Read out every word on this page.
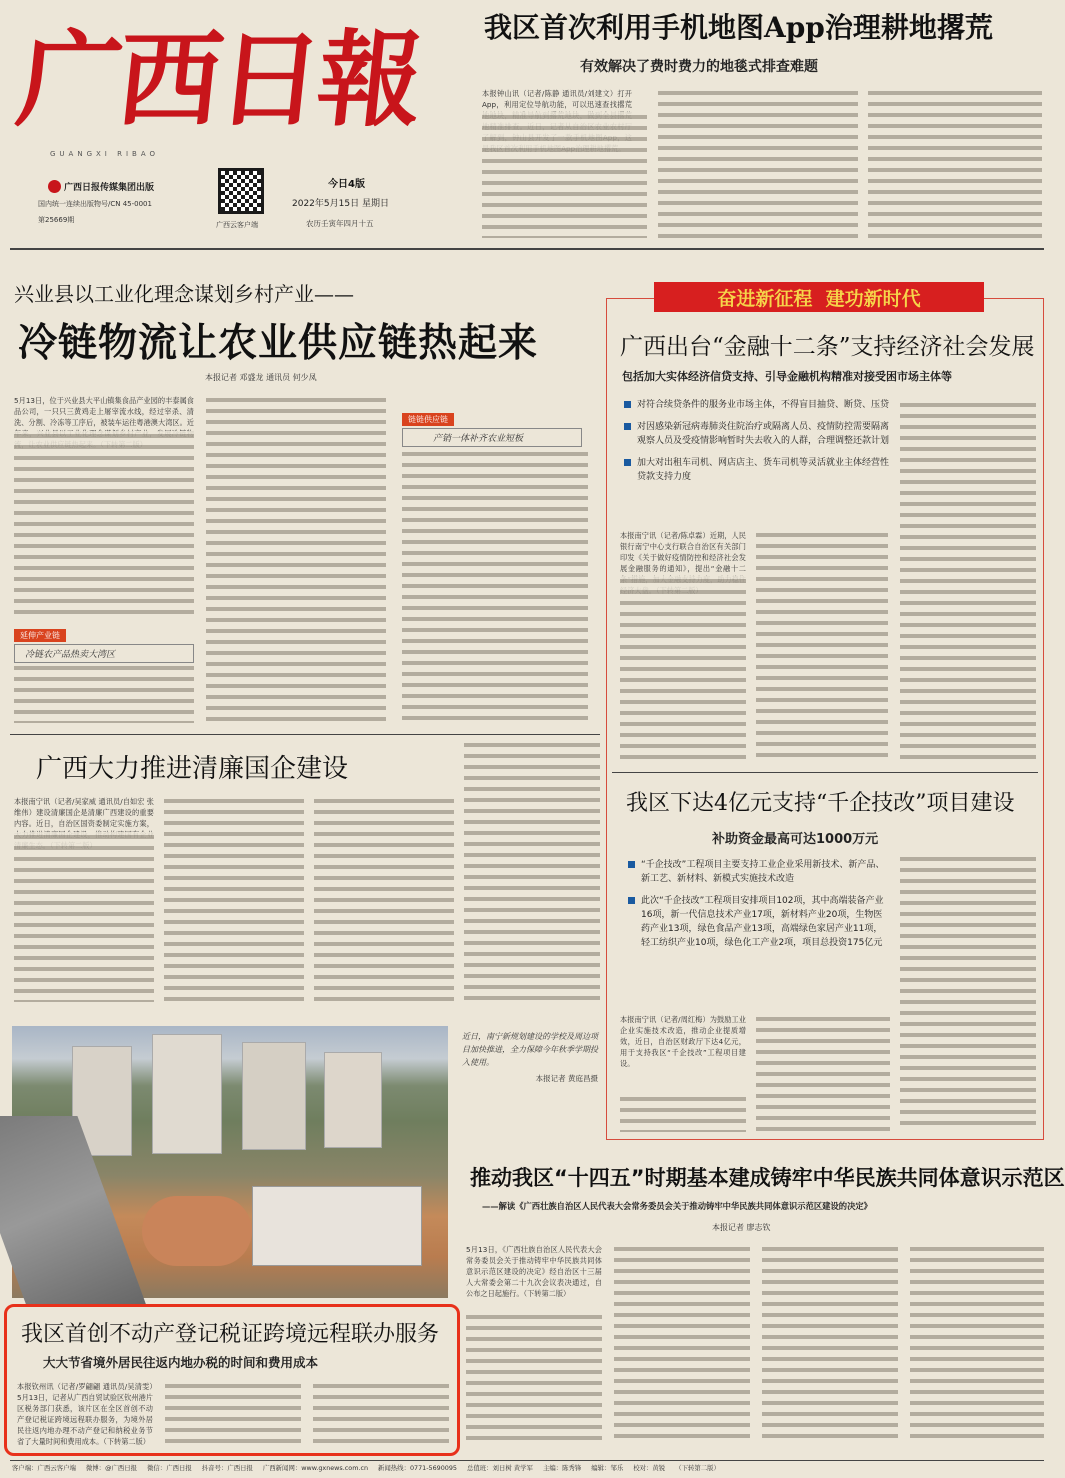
广西日報
GUANGXI RIBAO
广西日报传媒集团出版
国内统一连续出版物号/CN 45-0001
第25669期
广西云客户端
今日4版
2022年5月15日 星期日
农历壬寅年四月十五
我区首次利用手机地图App治理耕地撂荒
有效解决了费时费力的地毯式排查难题
本报钟山讯（记者/陈静 通讯员/刘建文）打开App，利用定位导航功能，可以迅速查找撂荒
兴业县以工业化理念谋划乡村产业——
冷链物流让农业供应链热起来
本报记者 邓盛龙 通讯员 何少凤
5月13日，位于兴业县大平山镇集食品产业园的丰泰属食品公司，一只只三黄鸡走上屠宰流水线，经过宰杀、清洗、分割、冷冻等工序后，被装车运往粤港澳大湾区。近
延伸产业链
冷链农产品热卖大湾区
链链供应链
产销一体补齐农业短板
广西大力推进清廉国企建设
本报南宁讯（记者/吴家威 通讯员/自如宏 张维伟）建设清廉国企是清廉广西建设的重要内容。近日，自治区国资委制定实施方案，
近日，南宁新规划建设的学校及周边项目加快推进，全力保障今年秋季学期投入使用。
本报记者 黄庭昌摄
奋进新征程  建功新时代
广西出台“金融十二条”支持经济社会发展
包括加大实体经济信贷支持、引导金融机构精准对接受困市场主体等
对符合续贷条件的服务业市场主体，不得盲目抽贷、断贷、压贷
对因感染新冠病毒肺炎住院治疗或隔离人员、疫情防控需要隔离观察人员及受疫情影响暂时失去收入的人群，合理调整还款计划
加大对出租车司机、网店店主、货车司机等灵活就业主体经营性贷款支持力度
本报南宁讯（记者/陈卓霖）近期，人民银行南宁中心支行联合自治区有关部门印发《关于做好疫情防控和经济社会发展金融服务的通知》，提出“金融十二
我区下达4亿元支持“千企技改”项目建设
补助资金最高可达1000万元
“千企技改”工程项目主要支持工业企业采用新技术、新产品、新工艺、新材料、新模式实施技术改造
此次“千企技改”工程项目安排项目102项，其中高端装备产业16项，新一代信息技术产业17项，新材料产业20项，生物医药产业13项，绿色食品产业13项，高端绿色家居产业11项，轻工纺织产业10项，绿色化工产业2项，项目总投资175亿元
本报南宁讯（记者/周红梅）为鼓励工业企业实施技术改造，推动企业提质增效，近日，自治区财政厅下达4亿元，用于支持我区“千企技改”工程项目建设。
推动我区“十四五”时期基本建成铸牢中华民族共同体意识示范区
——解读《广西壮族自治区人民代表大会常务委员会关于推动铸牢中华民族共同体意识示范区建设的决定》
本报记者 廖志钦
5月13日，《广西壮族自治区人民代表大会常务委员会关于推动铸牢中华民族共同体意识示范区建设的决定》经自治区十三届人大常委会第二十九次会议表决通过，自公布之日起施行。（下转第二版）
我区首创不动产登记税证跨境远程联办服务
大大节省境外居民往返内地办税的时间和费用成本
本报钦州讯（记者/罗翩翩 通讯员/吴清雯）5月13日，记者从广西自贸试验区钦州港片区税务部门获悉，该片区在全区首创不动产登记税证跨境远程联办服务，为境外居民往返内地办理不动产登记和纳税业务节省了大量时间和费用成本。（下转第二版）
客户端：广西云客户端 微博：@广西日报 微信：广西日报 抖音号：广西日报 广西新闻网：www.gxnews.com.cn 新闻热线：0771-5690095 总值班：刘日树 黄学军 主编：陈秀锋 编辑：邹乐 校对：黄锐 （下转第二版）
